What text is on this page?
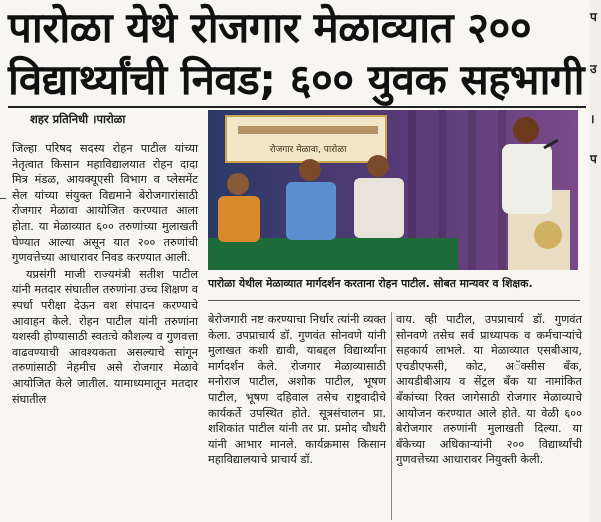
पारोळा येथे रोजगार मेळाव्यात २००
विद्यार्थ्यांची निवड; ६०० युवक सहभागी
शहर प्रतिनिधी ।पारोळा

जिल्हा परिषद सदस्य रोहन पाटील यांच्या नेतृत्वात किसान महाविद्यालयात रोहन दादा मित्र मंडळ, आयक्यूएसी विभाग व प्लेसमेंट सेल यांच्या संयुक्त विद्यमाने बेरोजगारांसाठी रोजगार मेळावा आयोजित करण्यात आला होता. या मेळाव्यात ६०० तरुणांच्या मुलाखती घेण्यात आल्या असून यात २०० तरुणांची गुणवत्तेच्या आधारावर निवड करण्यात आली.

यप्रसंगी माजी राज्यमंत्री सतीश पाटील यांनी मतदार संघातील तरुणांना उच्च शिक्षण व स्पर्धा परीक्षा देऊन वश संपादन करण्याचे आवाहन केले. रोहन पाटील यांनी तरुणांना यशस्वी होण्यासाठी स्वतःचे कौशल्य व गुणवत्ता वाढवण्याची आवश्यकता असल्याचे सांगून तरुणांसाठी नेहमीच असे रोजगार मेळावे आयोजित केले जातील. यामाध्यमातून मतदार संघातील

रोजगार मेळावा, पारोळा
पारोळा येथील मेळाव्यात मार्गदर्शन करताना रोहन पाटील. सोबत मान्यवर व शिक्षक.

बेरोजगारी नष्ट करण्याचा निर्धार त्यांनी व्यक्त केला. उपप्राचार्य डॉ. गुणवंत सोनवणे यांनी मुलाखत कशी द्यावी, याबद्दल विद्यार्थ्यांना मार्गदर्शन केले. रोजगार मेळाव्यासाठी मनोराज पाटील, अशोक पाटील, भूषण पाटील, भूषण दहिवाल तसेच राष्ट्रवादीचे कार्यकर्ते उपस्थित होते. सूत्रसंचालन प्रा. शशिकांत पाटील यांनी तर प्रा. प्रमोद चौधरी यांनी आभार मानले. कार्यक्रमास किसान महाविद्यालयाचे प्राचार्य डॉ.

वाय. व्ही पाटील, उपप्राचार्य डॉ. गुणवंत सोनवणे तसेच सर्व प्राध्यापक व कर्मचाऱ्यांचे सहकार्य लाभले. या मेळाव्यात एसबीआय, एचडीएफसी, कोट, अॅक्सीस बँक, आयडीबीआय व सेंट्रल बँक या नामांकित बँकांच्या रिक्त जागेसाठी रोजगार मेळाव्याचे आयोजन करण्यात आले होते. या वेळी ६०० बेरोजगार तरुणांनी मुलाखती दिल्या. या बँकेच्या अधिकाऱ्यांनी २०० विद्यार्थ्यांची गुणवत्तेच्या आधारावर नियुक्ती केली.

प
उ
।
प
